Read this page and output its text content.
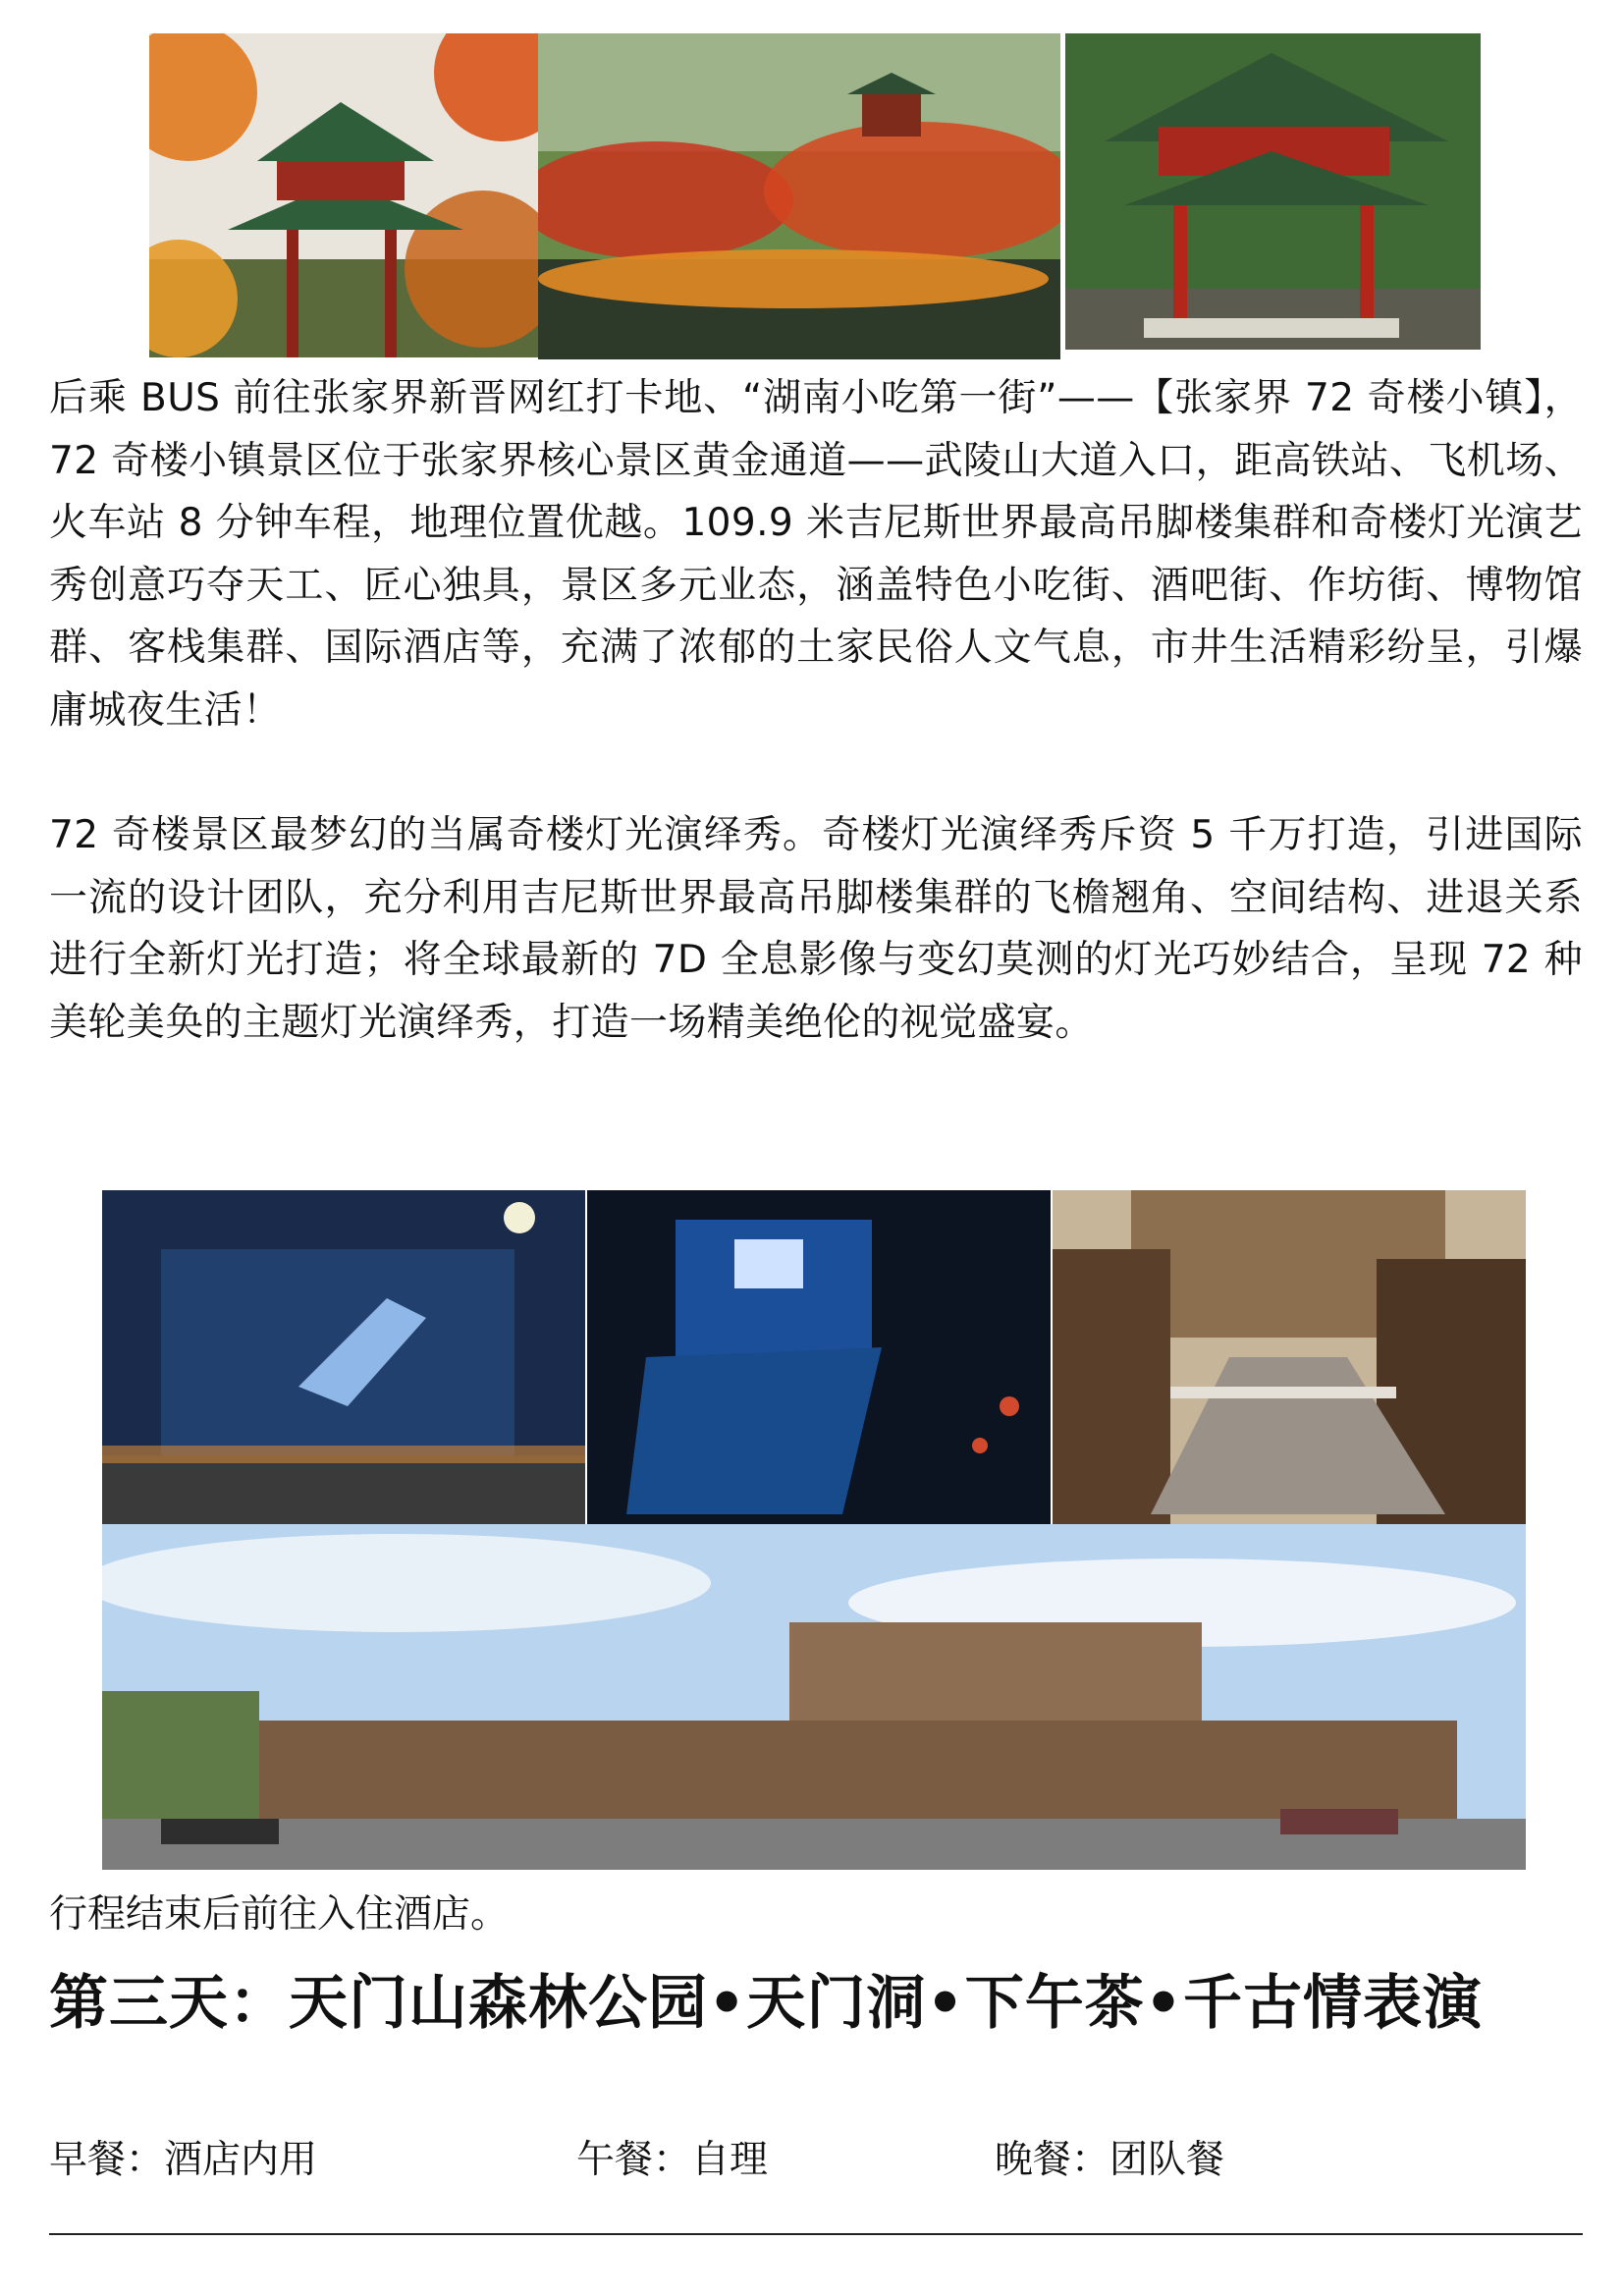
后乘 BUS 前往张家界新晋网红打卡地、“湖南小吃第一街”——【张家界 72 奇楼小镇】，72 奇楼小镇景区位于张家界核心景区黄金通道——武陵山大道入口，距高铁站、飞机场、火车站 8 分钟车程，地理位置优越。109.9 米吉尼斯世界最高吊脚楼集群和奇楼灯光演艺秀创意巧夺天工、匠心独具，景区多元业态，涵盖特色小吃街、酒吧街、作坊街、博物馆群、客栈集群、国际酒店等，充满了浓郁的土家民俗人文气息，市井生活精彩纷呈，引爆庸城夜生活！

72 奇楼景区最梦幻的当属奇楼灯光演绎秀。奇楼灯光演绎秀斥资 5 千万打造，引进国际一流的设计团队，充分利用吉尼斯世界最高吊脚楼集群的飞檐翘角、空间结构、进退关系进行全新灯光打造；将全球最新的 7D 全息影像与变幻莫测的灯光巧妙结合，呈现 72 种美轮美奂的主题灯光演绎秀，打造一场精美绝伦的视觉盛宴。

行程结束后前往入住酒店。

第三天：天门山森林公园•天门洞•下午茶•千古情表演
早餐：酒店内用	午餐：自理	晚餐：团队餐
